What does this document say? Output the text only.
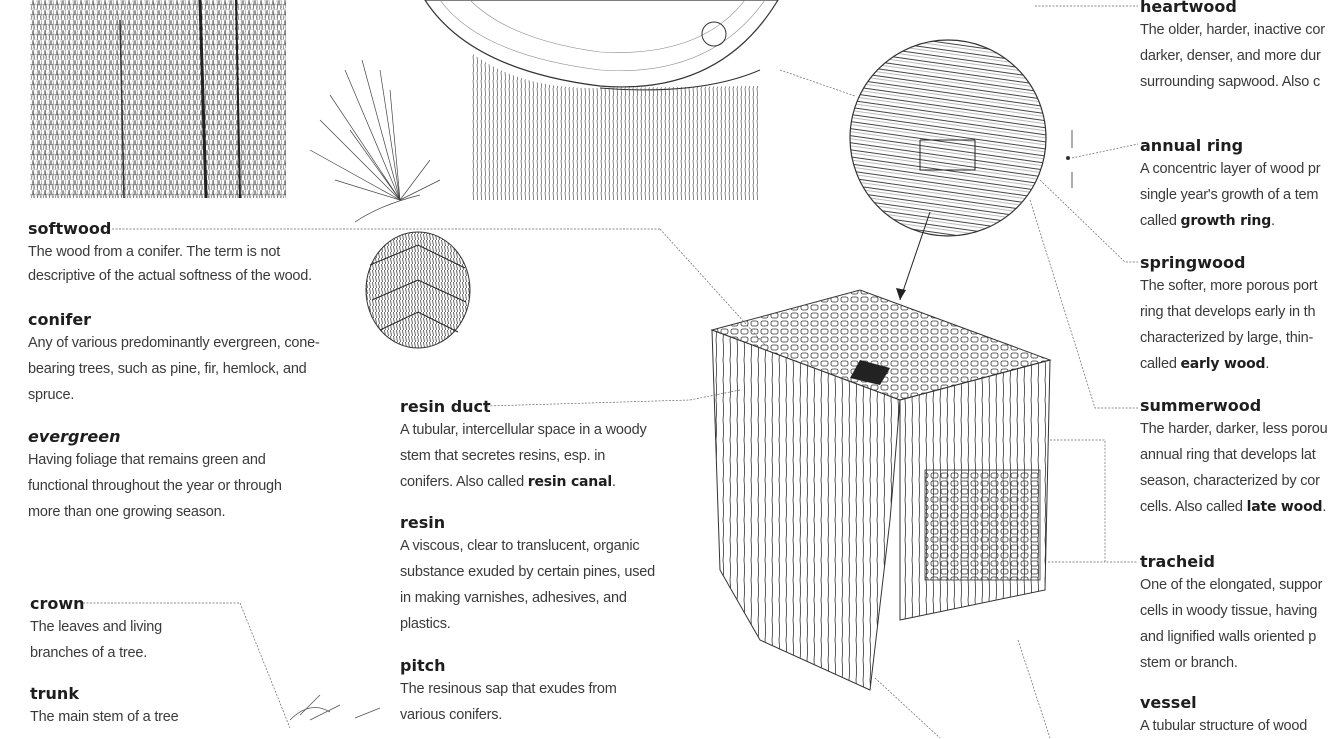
softwood
The wood from a conifer. The term is not
descriptive of the actual softness of the wood.
conifer
Any of various predominantly evergreen, cone-
bearing trees, such as pine, fir, hemlock, and
spruce.
evergreen
Having foliage that remains green and
functional throughout the year or through
more than one growing season.
crown
The leaves and living
branches of a tree.
trunk
The main stem of a tree
resin duct
A tubular, intercellular space in a woody
stem that secretes resins, esp. in
conifers. Also called resin canal.
resin
A viscous, clear to translucent, organic
substance exuded by certain pines, used
in making varnishes, adhesives, and
plastics.
pitch
The resinous sap that exudes from
various conifers.
heartwood
The older, harder, inactive cor
darker, denser, and more dur
surrounding sapwood. Also c
annual ring
A concentric layer of wood pr
single year's growth of a tem
called growth ring.
springwood
The softer, more porous port
ring that develops early in th
characterized by large, thin-
called early wood.
summerwood
The harder, darker, less porou
annual ring that develops lat
season, characterized by cor
cells. Also called late wood.
tracheid
One of the elongated, suppor
cells in woody tissue, having
and lignified walls oriented p
stem or branch.
vessel
A tubular structure of wood
